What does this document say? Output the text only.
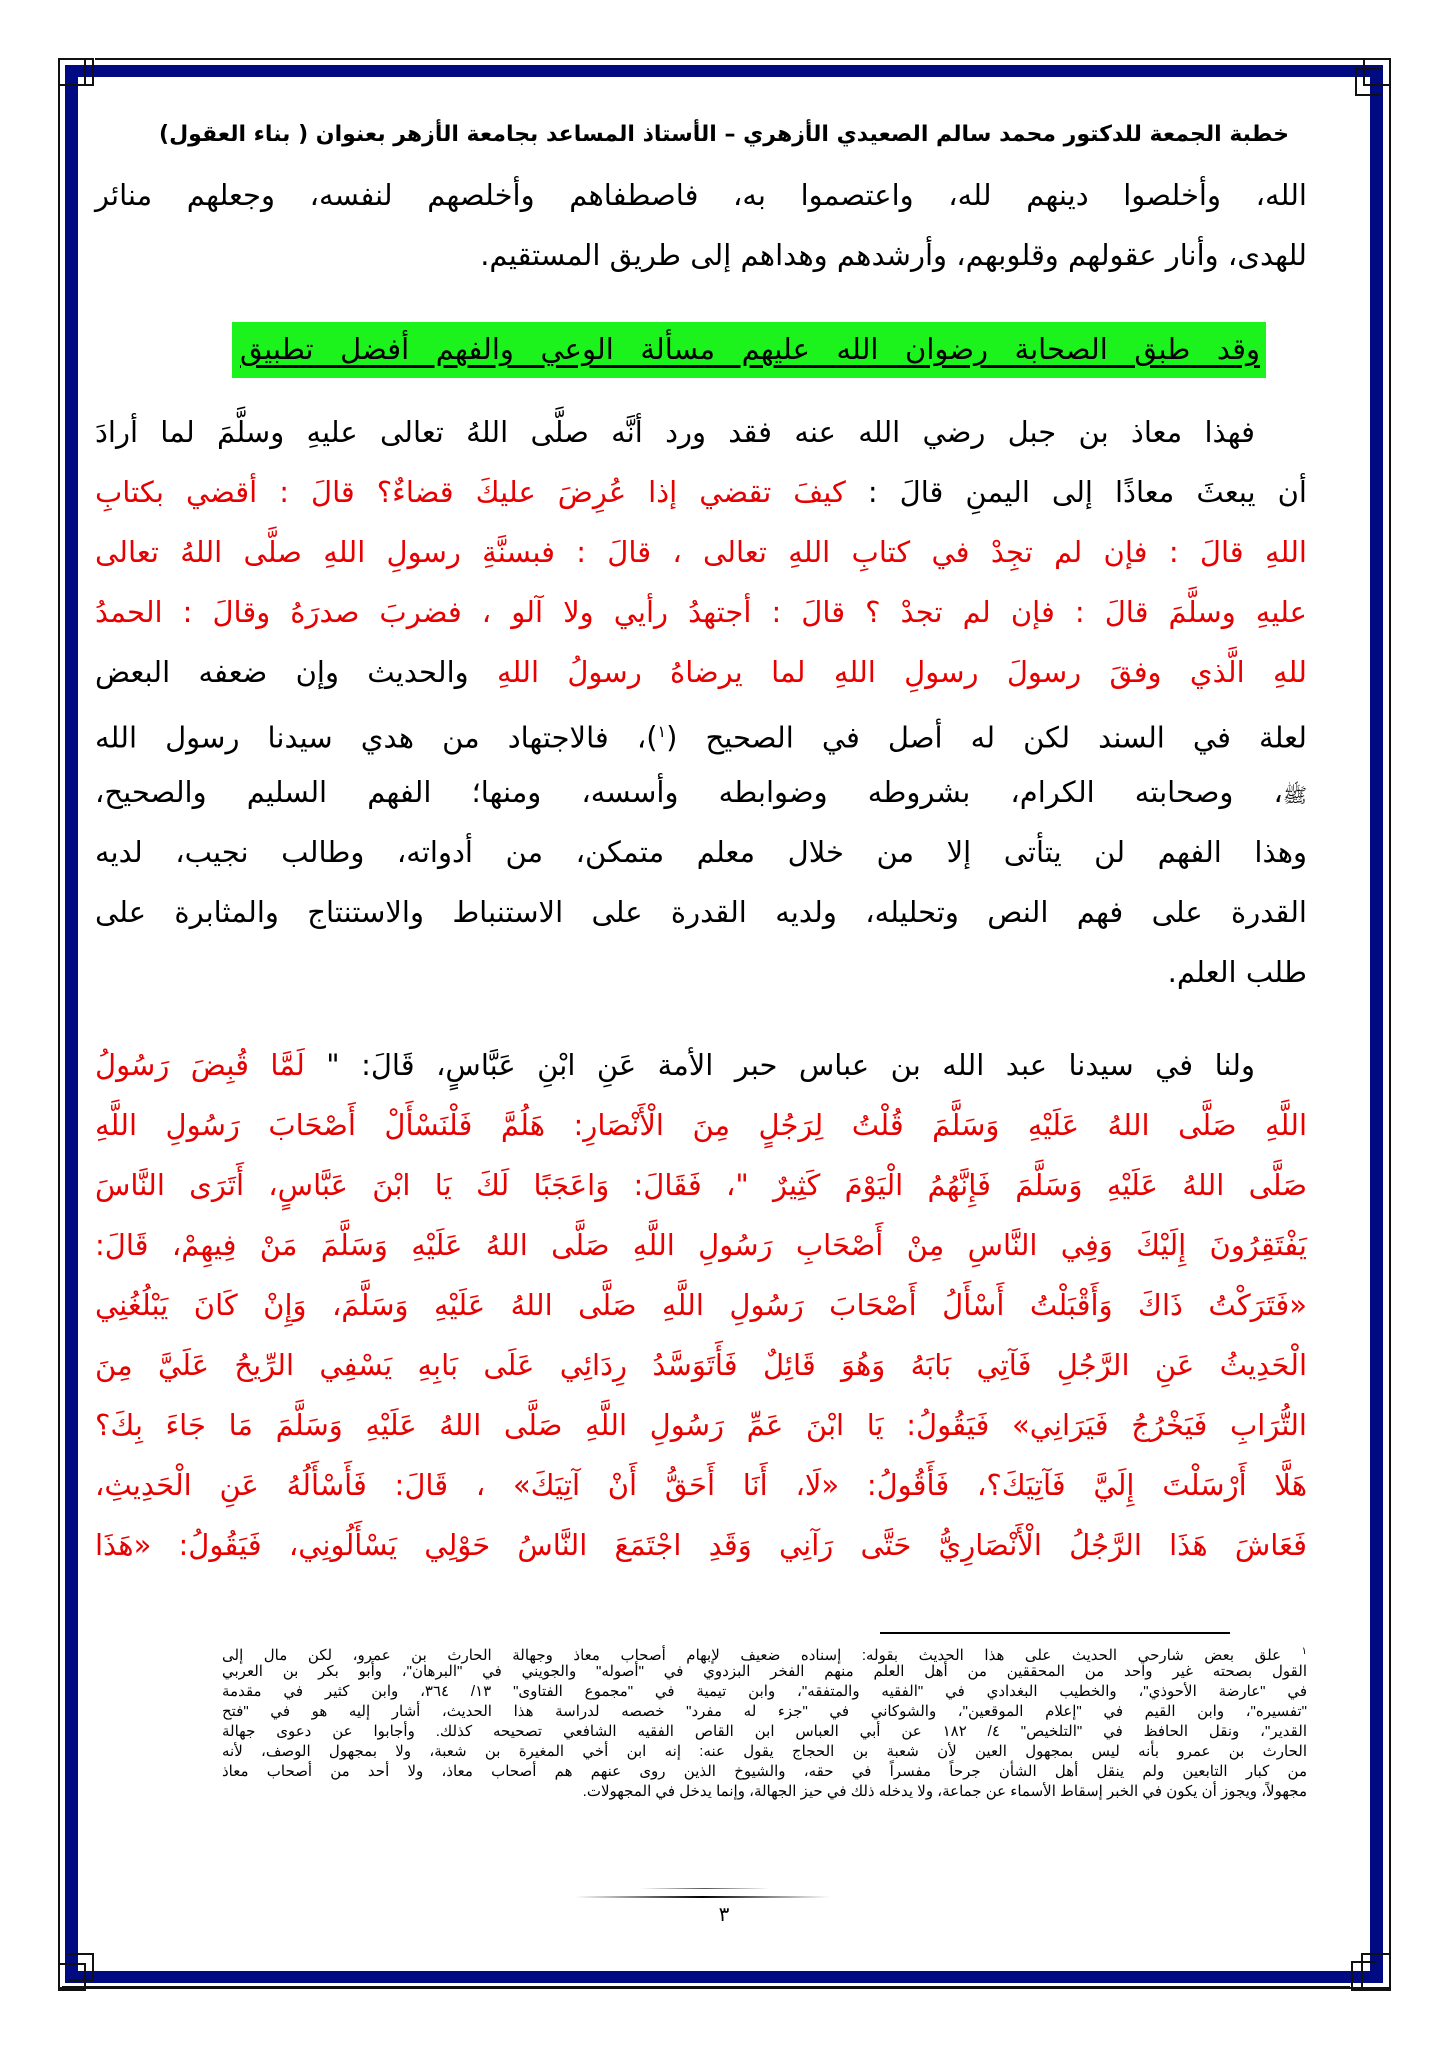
خطبة الجمعة للدكتور محمد سالم الصعيدي الأزهري – الأستاذ المساعد بجامعة الأزهر بعنوان ( بناء العقول)
الله، وأخلصوا دينهم لله، واعتصموا به، فاصطفاهم وأخلصهم لنفسه، وجعلهم منائر
للهدى، وأنار عقولهم وقلوبهم، وأرشدهم وهداهم إلى طريق المستقيم.
وقد طبق الصحابة رضوان الله عليهم مسألة الوعي والفهم أفضل تطبيق
فهذا معاذ بن جبل رضي الله عنه فقد ورد أنَّه صلَّى اللهُ تعالى عليهِ وسلَّمَ لما أرادَ
أن يبعثَ معاذًا إلى اليمنِ قالَ : كيفَ تقضي إذا عُرِضَ عليكَ قضاءٌ؟ قالَ : أقضي بكتابِ
اللهِ قالَ : فإن لم تجِدْ في كتابِ اللهِ تعالى ، قالَ : فبسنَّةِ رسولِ اللهِ صلَّى اللهُ تعالى
عليهِ وسلَّمَ قالَ : فإن لم تجدْ ؟ قالَ : أجتهدُ رأيي ولا آلو ، فضربَ صدرَهُ وقالَ : الحمدُ
للهِ الَّذي وفقَ رسولَ رسولِ اللهِ لما يرضاهُ رسولُ اللهِ والحديث وإن ضعفه البعض
لعلة في السند لكن له أصل في الصحيح ($^١$)، فالاجتهاد من هدي سيدنا رسول الله
ﷺ، وصحابته الكرام، بشروطه وضوابطه وأسسه، ومنها؛ الفهم السليم والصحيح،
وهذا الفهم لن يتأتى إلا من خلال معلم متمكن، من أدواته، وطالب نجيب، لديه
القدرة على فهم النص وتحليله، ولديه القدرة على الاستنباط والاستنتاج والمثابرة على
طلب العلم.
ولنا في سيدنا عبد الله بن عباس حبر الأمة عَنِ ابْنِ عَبَّاسٍ، قَالَ: " لَمَّا قُبِضَ رَسُولُ
اللَّهِ صَلَّى اللهُ عَلَيْهِ وَسَلَّمَ قُلْتُ لِرَجُلٍ مِنَ الْأَنْصَارِ: هَلُمَّ فَلْنَسْأَلْ أَصْحَابَ رَسُولِ اللَّهِ
صَلَّى اللهُ عَلَيْهِ وَسَلَّمَ فَإِنَّهُمُ الْيَوْمَ كَثِيرٌ "، فَقَالَ: وَاعَجَبًا لَكَ يَا ابْنَ عَبَّاسٍ، أَتَرَى النَّاسَ
يَفْتَقِرُونَ إِلَيْكَ وَفِي النَّاسِ مِنْ أَصْحَابِ رَسُولِ اللَّهِ صَلَّى اللهُ عَلَيْهِ وَسَلَّمَ مَنْ فِيهِمْ، قَالَ:
«فَتَرَكْتُ ذَاكَ وَأَقْبَلْتُ أَسْأَلُ أَصْحَابَ رَسُولِ اللَّهِ صَلَّى اللهُ عَلَيْهِ وَسَلَّمَ، وَإِنْ كَانَ يَبْلُغُنِي
الْحَدِيثُ عَنِ الرَّجُلِ فَآتِي بَابَهُ وَهُوَ قَائِلٌ فَأَتَوَسَّدُ رِدَائِي عَلَى بَابِهِ يَسْفِي الرِّيحُ عَلَيَّ مِنَ
التُّرَابِ فَيَخْرُجُ فَيَرَانِي» فَيَقُولُ: يَا ابْنَ عَمِّ رَسُولِ اللَّهِ صَلَّى اللهُ عَلَيْهِ وَسَلَّمَ مَا جَاءَ بِكَ؟
هَلَّا أَرْسَلْتَ إِلَيَّ فَآتِيَكَ؟، فَأَقُولُ: «لَا، أَنَا أَحَقُّ أَنْ آتِيَكَ» ، قَالَ: فَأَسْأَلُهُ عَنِ الْحَدِيثِ،
فَعَاشَ هَذَا الرَّجُلُ الْأَنْصَارِيُّ حَتَّى رَآنِي وَقَدِ اجْتَمَعَ النَّاسُ حَوْلِي يَسْأَلُونِي، فَيَقُولُ: «هَذَا
$^١$ علق بعض شارحي الحديث على هذا الحديث بقوله: إسناده ضعيف لإبهام أصحاب معاذ وجهالة الحارث بن عمرو، لكن مال إلى
القول بصحته غير واحد من المحققين من أهل العلم منهم الفخر البزدوي في "أصوله" والجويني في "البرهان"، وأبو بكر بن العربي
في "عارضة الأحوذي"، والخطيب البغدادي في "الفقيه والمتفقه"، وابن تيمية في "مجموع الفتاوى" ١٣/ ٣٦٤، وابن كثير في مقدمة
"تفسيره"، وابن القيم في "إعلام الموقعين"، والشوكاني في "جزء له مفرد" خصصه لدراسة هذا الحديث، أشار إليه هو في "فتح
القدير"، ونقل الحافظ في "التلخيص" ٤/ ١٨٢ عن أبي العباس ابن القاص الفقيه الشافعي تصحيحه كذلك. وأجابوا عن دعوى جهالة
الحارث بن عمرو بأنه ليس بمجهول العين لأن شعبة بن الحجاج يقول عنه: إنه ابن أخي المغيرة بن شعبة، ولا بمجهول الوصف، لأنه
من كبار التابعين ولم ينقل أهل الشأن جرحاً مفسراً في حقه، والشيوخ الذين روى عنهم هم أصحاب معاذ، ولا أحد من أصحاب معاذ
مجهولاً، ويجوز أن يكون في الخبر إسقاط الأسماء عن جماعة، ولا يدخله ذلك في حيز الجهالة، وإنما يدخل في المجهولات.
٣
